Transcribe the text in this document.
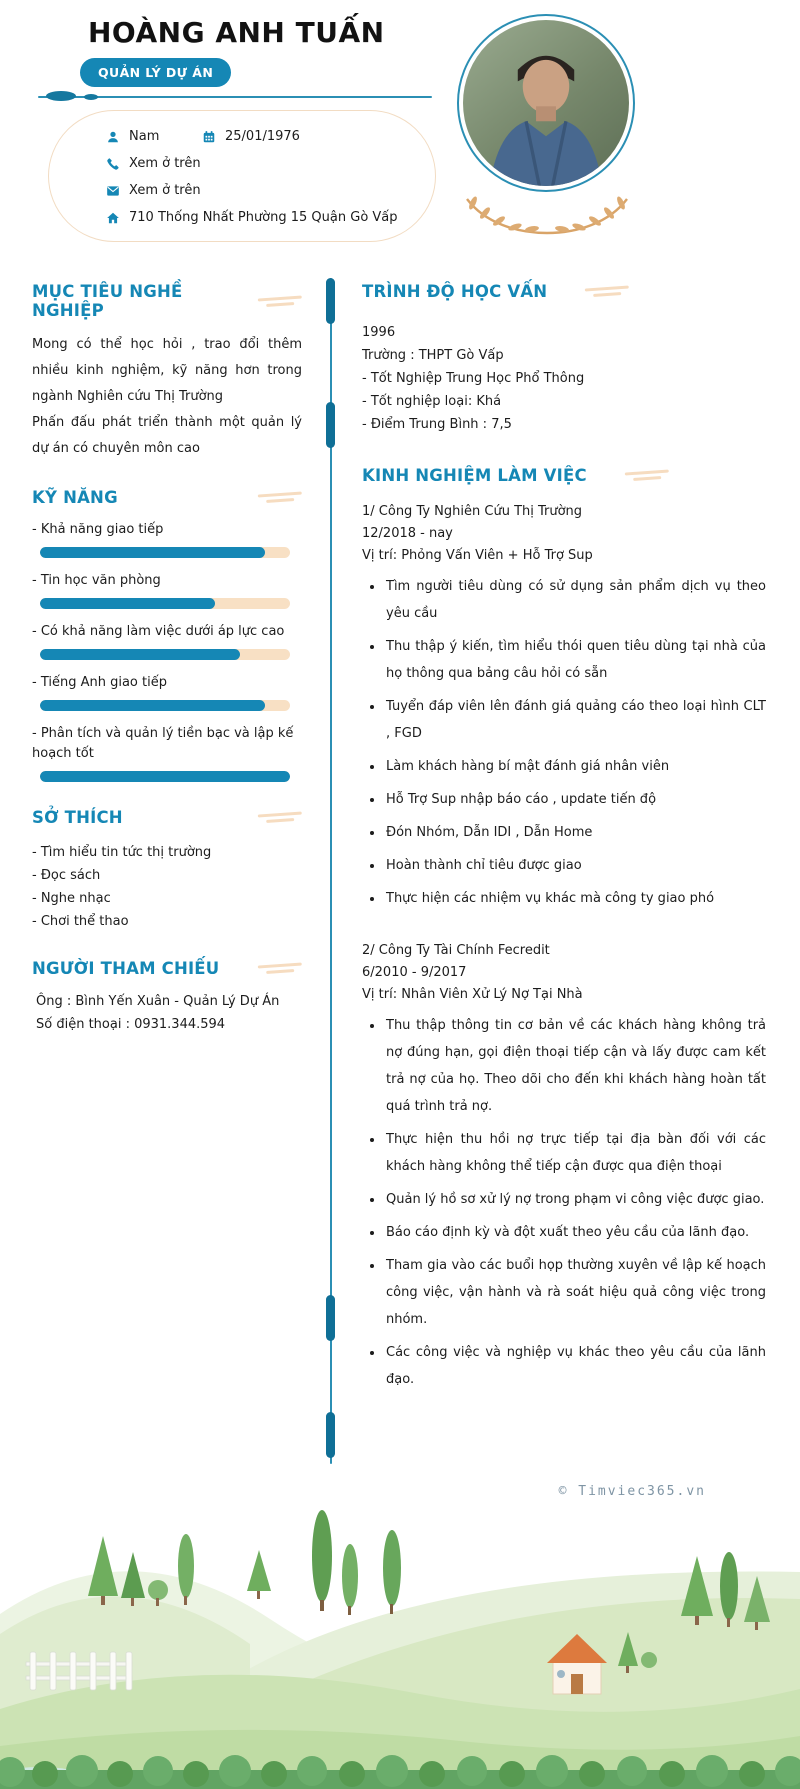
HOÀNG ANH TUẤN
QUẢN LÝ DỰ ÁN
Nam	25/01/1976
Xem ở trên
Xem ở trên
710 Thống Nhất Phường 15 Quận Gò Vấp
MỤC TIÊU NGHỀ NGHIỆP
Mong có thể học hỏi , trao đổi thêm nhiều kinh nghiệm, kỹ năng hơn trong ngành Nghiên cứu Thị Trường
Phấn đấu phát triển thành một quản lý dự án có chuyên môn cao
KỸ NĂNG
- Khả năng giao tiếp
- Tin học văn phòng
- Có khả năng làm việc dưới áp lực cao
- Tiếng Anh giao tiếp
- Phân tích và quản lý tiền bạc và lập kế hoạch tốt
SỞ THÍCH
- Tìm hiểu tin tức thị trường
- Đọc sách
- Nghe nhạc
- Chơi thể thao
NGƯỜI THAM CHIẾU
Ông : Bình Yến Xuân - Quản Lý Dự Án
Số điện thoại : 0931.344.594
TRÌNH ĐỘ HỌC VẤN
1996
Trường : THPT Gò Vấp
- Tốt Nghiệp Trung Học Phổ Thông
- Tốt nghiệp loại: Khá
- Điểm Trung Bình : 7,5
KINH NGHIỆM LÀM VIỆC
1/ Công Ty Nghiên Cứu Thị Trường
12/2018 - nay
Vị trí: Phỏng Vấn Viên + Hỗ Trợ Sup
• Tìm người tiêu dùng có sử dụng sản phẩm dịch vụ theo yêu cầu
• Thu thập ý kiến, tìm hiểu thói quen tiêu dùng tại nhà của họ thông qua bảng câu hỏi có sẵn
• Tuyển đáp viên lên đánh giá quảng cáo theo loại hình CLT , FGD
• Làm khách hàng bí mật đánh giá nhân viên
• Hỗ Trợ Sup nhập báo cáo , update tiến độ
• Đón Nhóm, Dẫn IDI , Dẫn Home
• Hoàn thành chỉ tiêu được giao
• Thực hiện các nhiệm vụ khác mà công ty giao phó
2/ Công Ty Tài Chính Fecredit
6/2010 - 9/2017
Vị trí: Nhân Viên Xử Lý Nợ Tại Nhà
• Thu thập thông tin cơ bản về các khách hàng không trả nợ đúng hạn, gọi điện thoại tiếp cận và lấy được cam kết trả nợ của họ. Theo dõi cho đến khi khách hàng hoàn tất quá trình trả nợ.
• Thực hiện thu hồi nợ trực tiếp tại địa bàn đối với các khách hàng không thể tiếp cận được qua điện thoại
• Quản lý hồ sơ xử lý nợ trong phạm vi công việc được giao.
• Báo cáo định kỳ và đột xuất theo yêu cầu của lãnh đạo.
• Tham gia vào các buổi họp thường xuyên về lập kế hoạch công việc, vận hành và rà soát hiệu quả công việc trong nhóm.
• Các công việc và nghiệp vụ khác theo yêu cầu của lãnh đạo.
© Timviec365.vn
